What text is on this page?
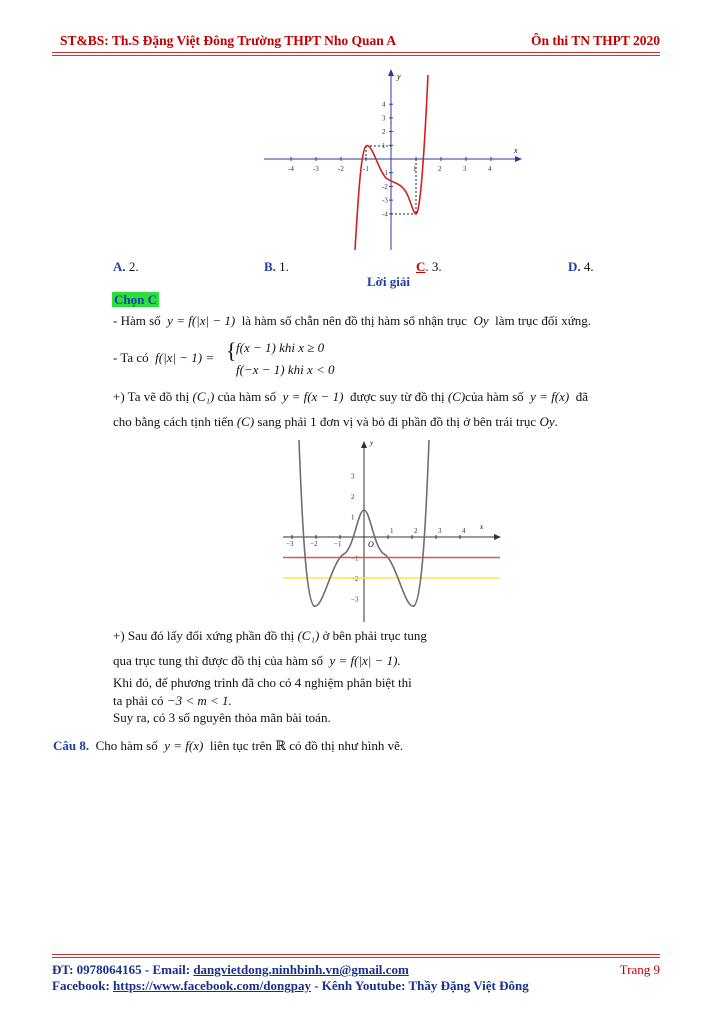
ST&BS: Th.S Đặng Việt Đông Trường THPT Nho Quan A	Ôn thi TN THPT 2020
-4	-3	-2	-1	1	2	3	4
4
3
2
1
-1
-2
-3
-4
x
y
A. 2.	B. 1.	C. 3.	D. 4.
Lời giải
Chọn C
- Hàm số y = f(|x| − 1) là hàm số chẵn nên đồ thị hàm số nhận trục Oy làm trục đối xứng.
- Ta có f(|x| − 1) = { f(x − 1) khi x ≥ 0
f(−x − 1) khi x < 0
+) Ta vẽ đồ thị (C₁) của hàm số y = f(x − 1) được suy từ đồ thị (C)của hàm số y = f(x) đã
cho bằng cách tịnh tiến (C) sang phải 1 đơn vị và bỏ đi phần đồ thị ở bên trái trục Oy.
−3 −2 −1
1	2	3	4
3
2
1
−1
−2
−3
x
y
O
+) Sau đó lấy đối xứng phần đồ thị (C₁) ở bên phải trục tung
qua trục tung thì được đồ thị của hàm số y = f(|x| − 1).
Khi đó, để phương trình đã cho có 4 nghiệm phân biệt thì
ta phải có −3 < m < 1.
Suy ra, có 3 số nguyên thỏa mãn bài toán.
Câu 8. Cho hàm số y = f(x) liên tục trên ℝ có đồ thị như hình vẽ.
ĐT: 0978064165 - Email: dangvietdong.ninhbinh.vn@gmail.com	Trang 9
Facebook: https://www.facebook.com/dongpay - Kênh Youtube: Thầy Đặng Việt Đông
